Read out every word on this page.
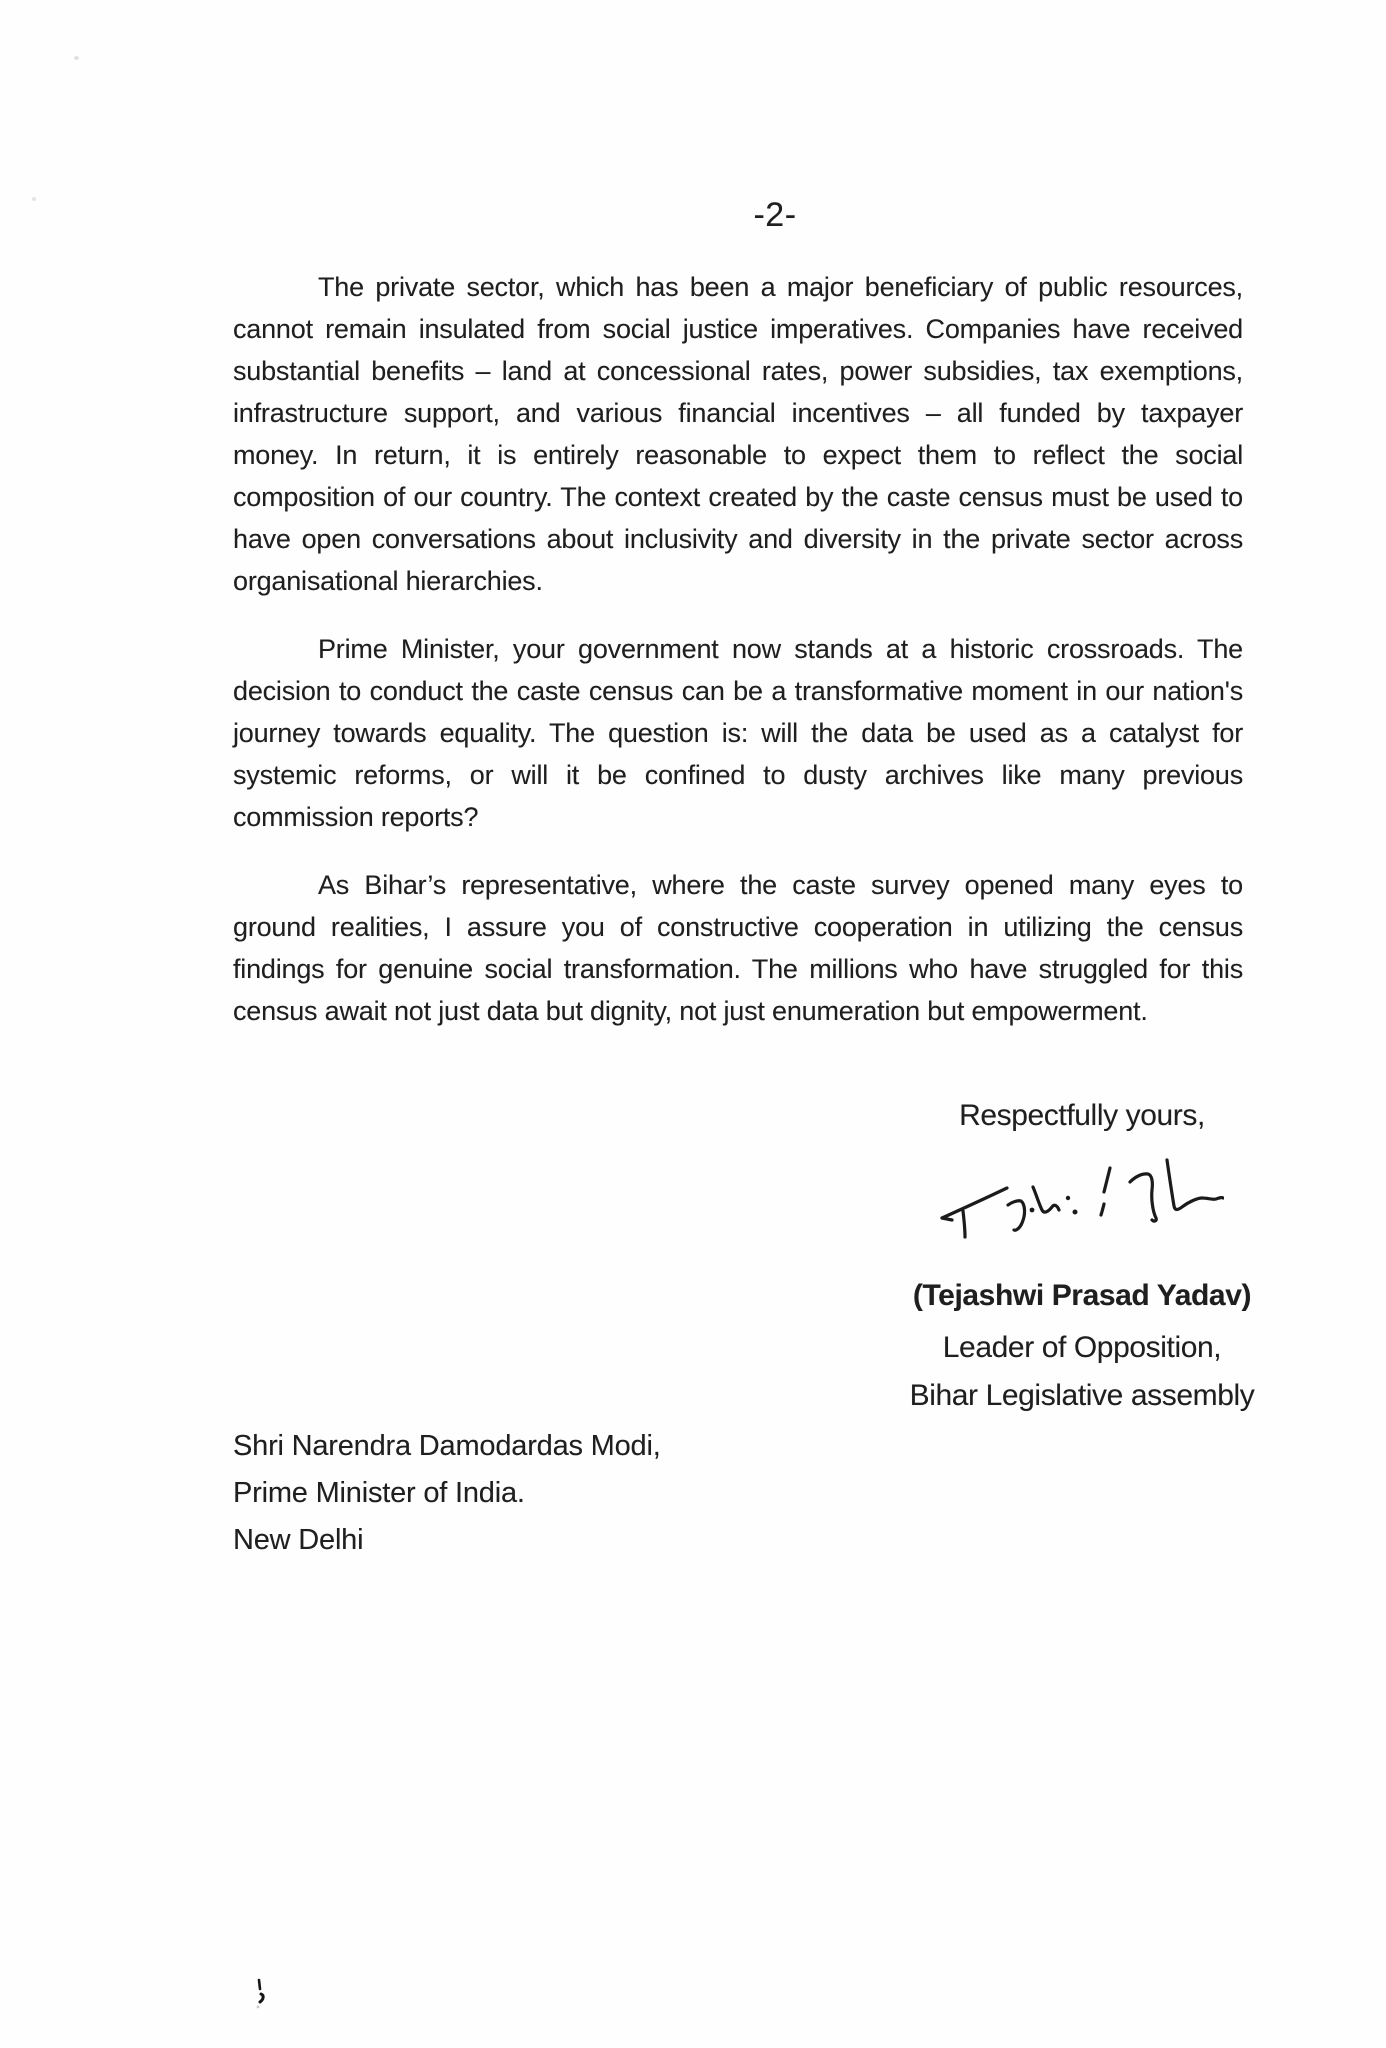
-2-

The private sector, which has been a major beneficiary of public resources, cannot remain insulated from social justice imperatives. Companies have received substantial benefits – land at concessional rates, power subsidies, tax exemptions, infrastructure support, and various financial incentives – all funded by taxpayer money. In return, it is entirely reasonable to expect them to reflect the social composition of our country. The context created by the caste census must be used to have open conversations about inclusivity and diversity in the private sector across organisational hierarchies.

Prime Minister, your government now stands at a historic crossroads. The decision to conduct the caste census can be a transformative moment in our nation's journey towards equality. The question is: will the data be used as a catalyst for systemic reforms, or will it be confined to dusty archives like many previous commission reports?

As Bihar’s representative, where the caste survey opened many eyes to ground realities, I assure you of constructive cooperation in utilizing the census findings for genuine social transformation. The millions who have struggled for this census await not just data but dignity, not just enumeration but empowerment.

Respectfully yours,
(Tejashwi Prasad Yadav)
Leader of Opposition,
Bihar Legislative assembly
Shri Narendra Damodardas Modi,
Prime Minister of India.
New Delhi
